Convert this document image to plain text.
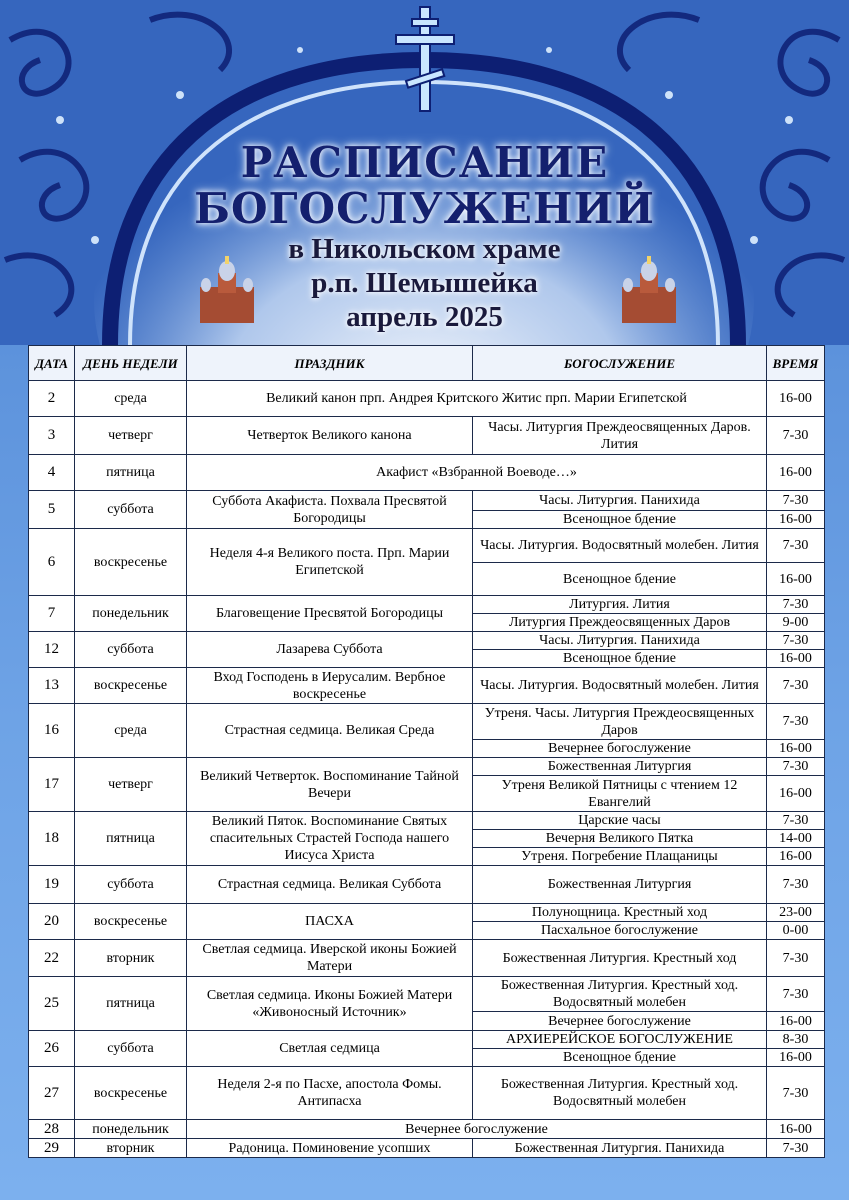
РАСПИСАНИЕ
БОГОСЛУЖЕНИЙ
в Никольском храме
р.п. Шемышейка
апрель 2025
ДАТА	ДЕНЬ НЕДЕЛИ	ПРАЗДНИК	БОГОСЛУЖЕНИЕ	ВРЕМЯ
2	среда	Великий канон прп. Андрея Критского Житис прп. Марии Египетской		16-00
3	четверг	Четверток Великого канона	Часы. Литургия Преждеосвященных Даров. Лития	7-30
4	пятница	Акафист «Взбранной Воеводе…»		16-00
5	суббота	Суббота Акафиста. Похвала Пресвятой Богородицы	Часы. Литургия. Панихида	7-30
			Всенощное бдение	16-00
6	воскресенье	Неделя 4-я Великого поста. Прп. Марии Египетской	Часы. Литургия. Водосвятный молебен. Лития	7-30
			Всенощное бдение	16-00
7	понедельник	Благовещение Пресвятой Богородицы	Литургия. Лития	7-30
			Литургия Преждеосвященных Даров	9-00
12	суббота	Лазарева Суббота	Часы. Литургия. Панихида	7-30
			Всенощное бдение	16-00
13	воскресенье	Вход Господень в Иерусалим. Вербное воскресенье	Часы. Литургия. Водосвятный молебен. Лития	7-30
16	среда	Страстная седмица. Великая Среда	Утреня. Часы. Литургия Преждеосвященных Даров	7-30
			Вечернее богослужение	16-00
17	четверг	Великий Четверток. Воспоминание Тайной Вечери	Божественная Литургия	7-30
			Утреня Великой Пятницы с чтением 12 Евангелий	16-00
18	пятница	Великий Пяток. Воспоминание Святых спасительных Страстей Господа нашего Иисуса Христа	Царские часы	7-30
			Вечерня Великого Пятка	14-00
			Утреня. Погребение Плащаницы	16-00
19	суббота	Страстная седмица. Великая Суббота	Божественная Литургия	7-30
20	воскресенье	ПАСХА	Полунощница. Крестный ход	23-00
			Пасхальное богослужение	0-00
22	вторник	Светлая седмица. Иверской иконы Божией Матери	Божественная Литургия. Крестный ход	7-30
25	пятница	Светлая седмица. Иконы Божией Матери «Живоносный Источник»	Божественная Литургия. Крестный ход. Водосвятный молебен	7-30
			Вечернее богослужение	16-00
26	суббота	Светлая седмица	АРХИЕРЕЙСКОЕ БОГОСЛУЖЕНИЕ	8-30
			Всенощное бдение	16-00
27	воскресенье	Неделя 2-я по Пасхе, апостола Фомы. Антипасха	Божественная Литургия. Крестный ход. Водосвятный молебен	7-30
28	понедельник	Вечернее богослужение		16-00
29	вторник	Радоница. Поминовение усопших	Божественная Литургия. Панихида	7-30
